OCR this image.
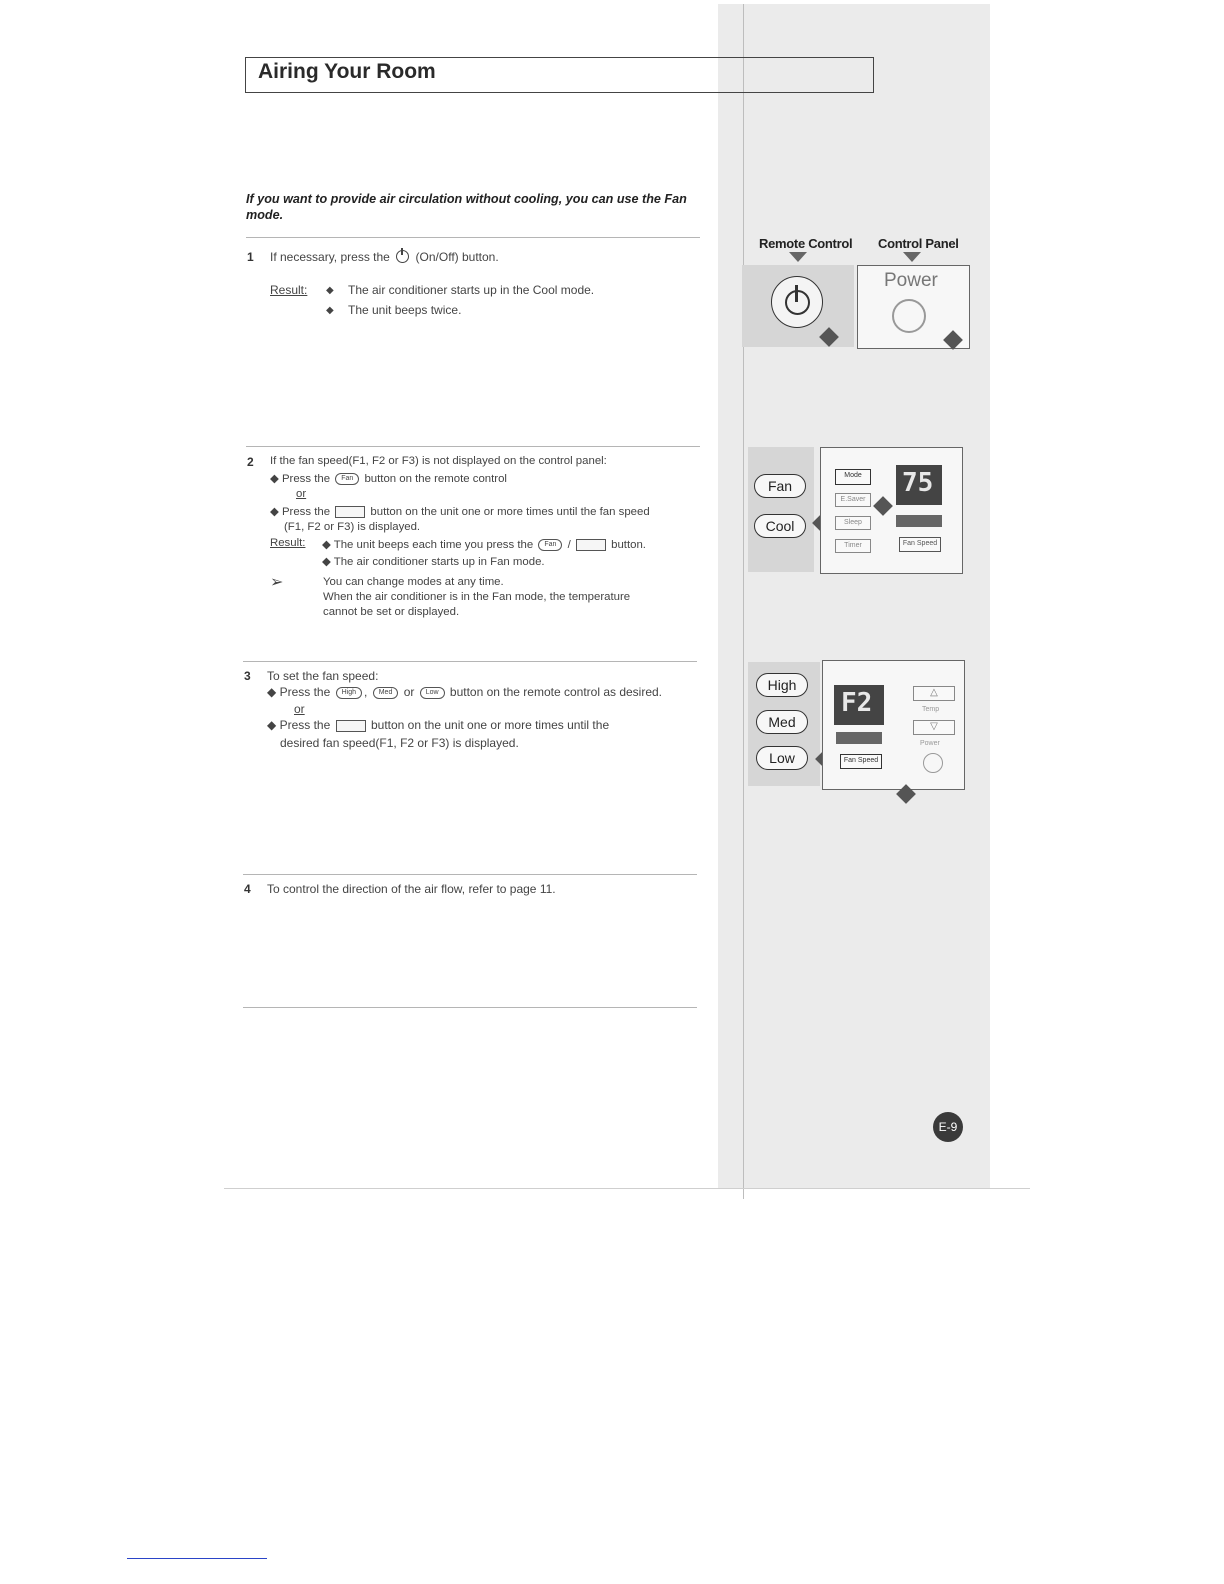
Airing Your Room
If you want to provide air circulation without cooling, you can use the Fan mode.
1 If necessary, press the (On/Off) button.
Result: ◆ The air conditioner starts up in the Cool mode.
◆ The unit beeps twice.
2 If the fan speed(F1, F2 or F3) is not displayed on the control panel:
◆ Press the Fan button on the remote control
or
◆ Press the	button on the unit one or more times until the fan speed
(F1, F2 or F3) is displayed.
Result: ◆ The unit beeps each time you press the Fan /	button.
◆ The air conditioner starts up in Fan mode.
➢	You can change modes at any time.
When the air conditioner is in the Fan mode, the temperature
cannot be set or displayed.
3 To set the fan speed:
◆ Press the High , Med or Low button on the remote control as desired.
or
◆ Press the	button on the unit one or more times until the
desired fan speed(F1, F2 or F3) is displayed.
4 To control the direction of the air flow, refer to page 11.
Remote Control Control Panel
Power
Fan
Cool
Mode
E.Saver
Sleep
Timer
75
Fan Speed
High
Med
Low
F2
Fan Speed
△
Temp
▽
Power
E-9
